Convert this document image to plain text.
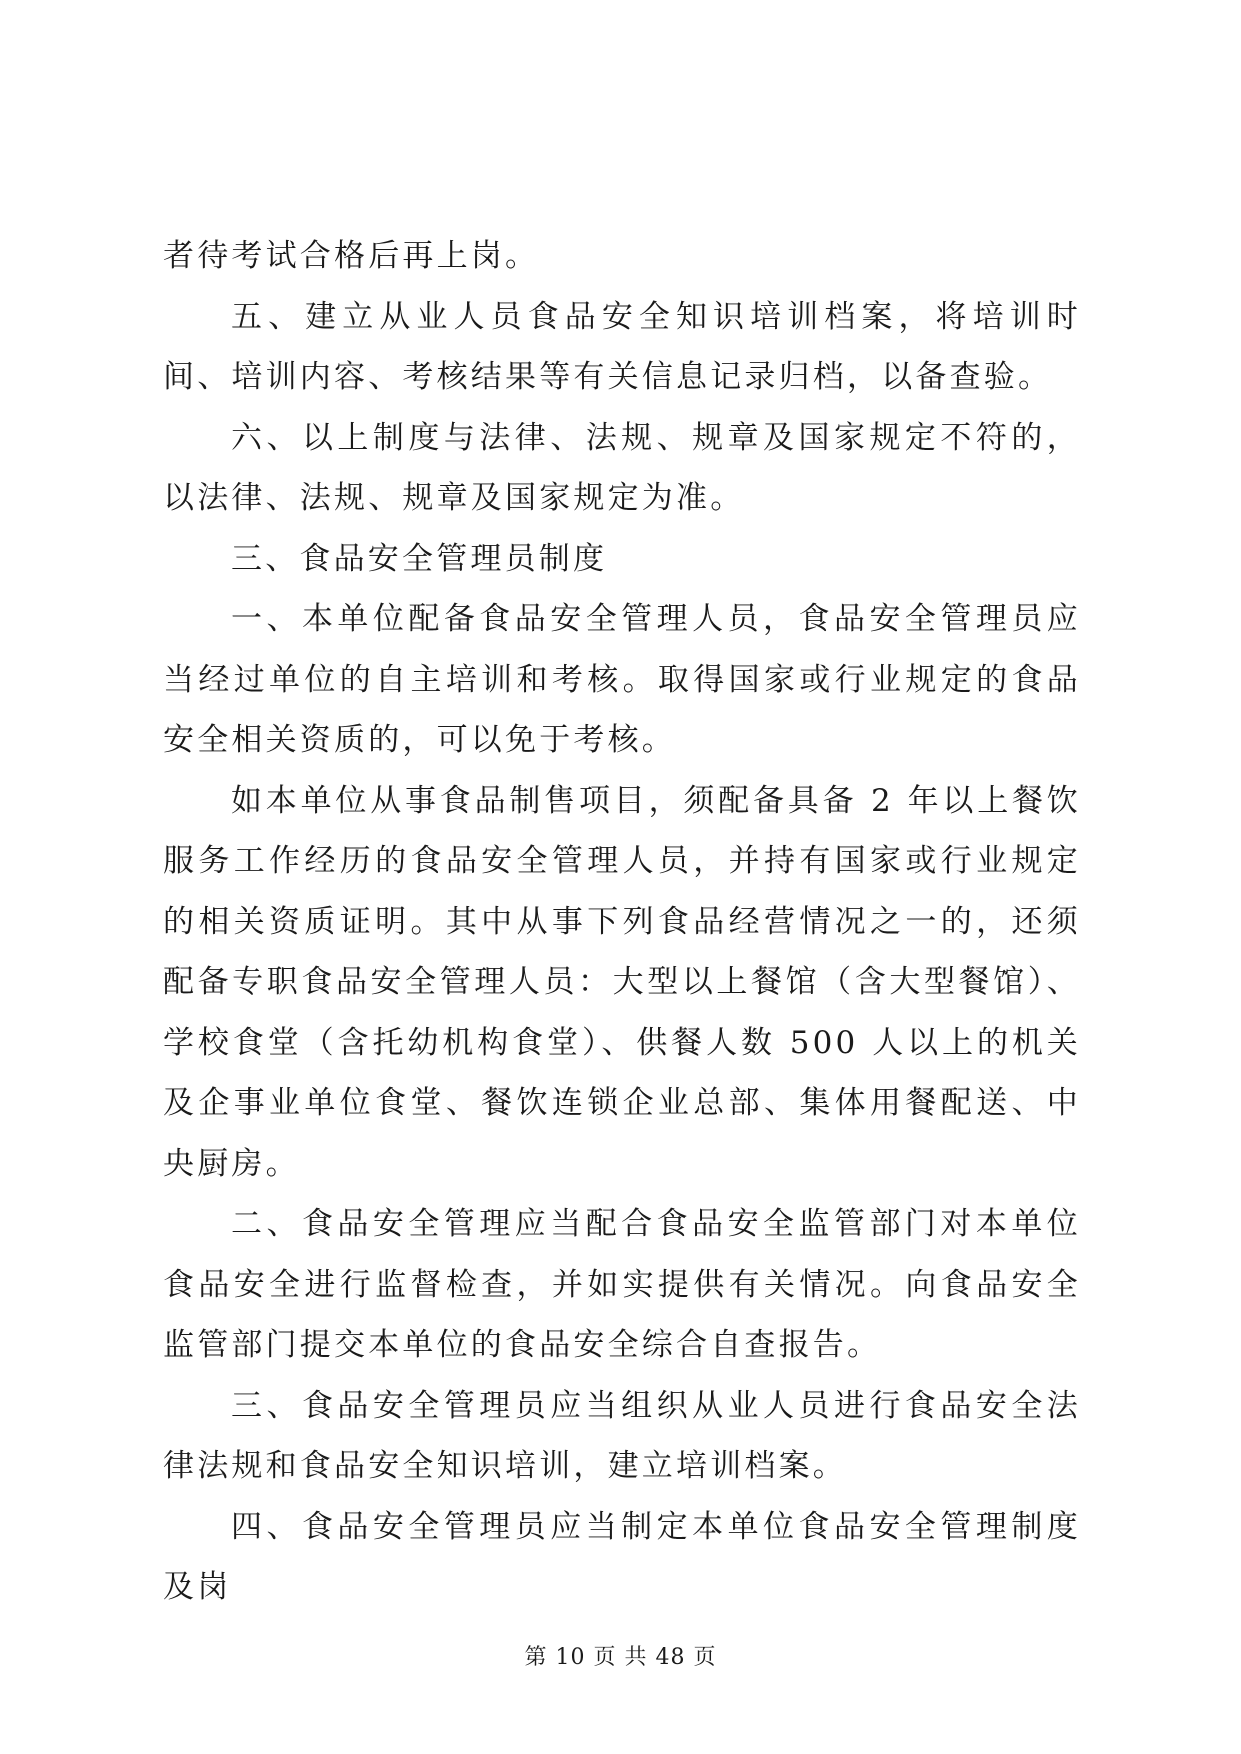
者待考试合格后再上岗。

五、建立从业人员食品安全知识培训档案，将培训时间、培训内容、考核结果等有关信息记录归档，以备查验。

六、以上制度与法律、法规、规章及国家规定不符的，以法律、法规、规章及国家规定为准。

三、食品安全管理员制度

一、本单位配备食品安全管理人员，食品安全管理员应当经过单位的自主培训和考核。取得国家或行业规定的食品安全相关资质的，可以免于考核。

如本单位从事食品制售项目，须配备具备 2 年以上餐饮服务工作经历的食品安全管理人员，并持有国家或行业规定的相关资质证明。其中从事下列食品经营情况之一的，还须配备专职食品安全管理人员：大型以上餐馆（含大型餐馆）、学校食堂（含托幼机构食堂）、供餐人数 500 人以上的机关及企事业单位食堂、餐饮连锁企业总部、集体用餐配送、中央厨房。

二、食品安全管理应当配合食品安全监管部门对本单位食品安全进行监督检查，并如实提供有关情况。向食品安全监管部门提交本单位的食品安全综合自查报告。

三、食品安全管理员应当组织从业人员进行食品安全法律法规和食品安全知识培训，建立培训档案。

四、食品安全管理员应当制定本单位食品安全管理制度及岗

第 10 页 共 48 页
